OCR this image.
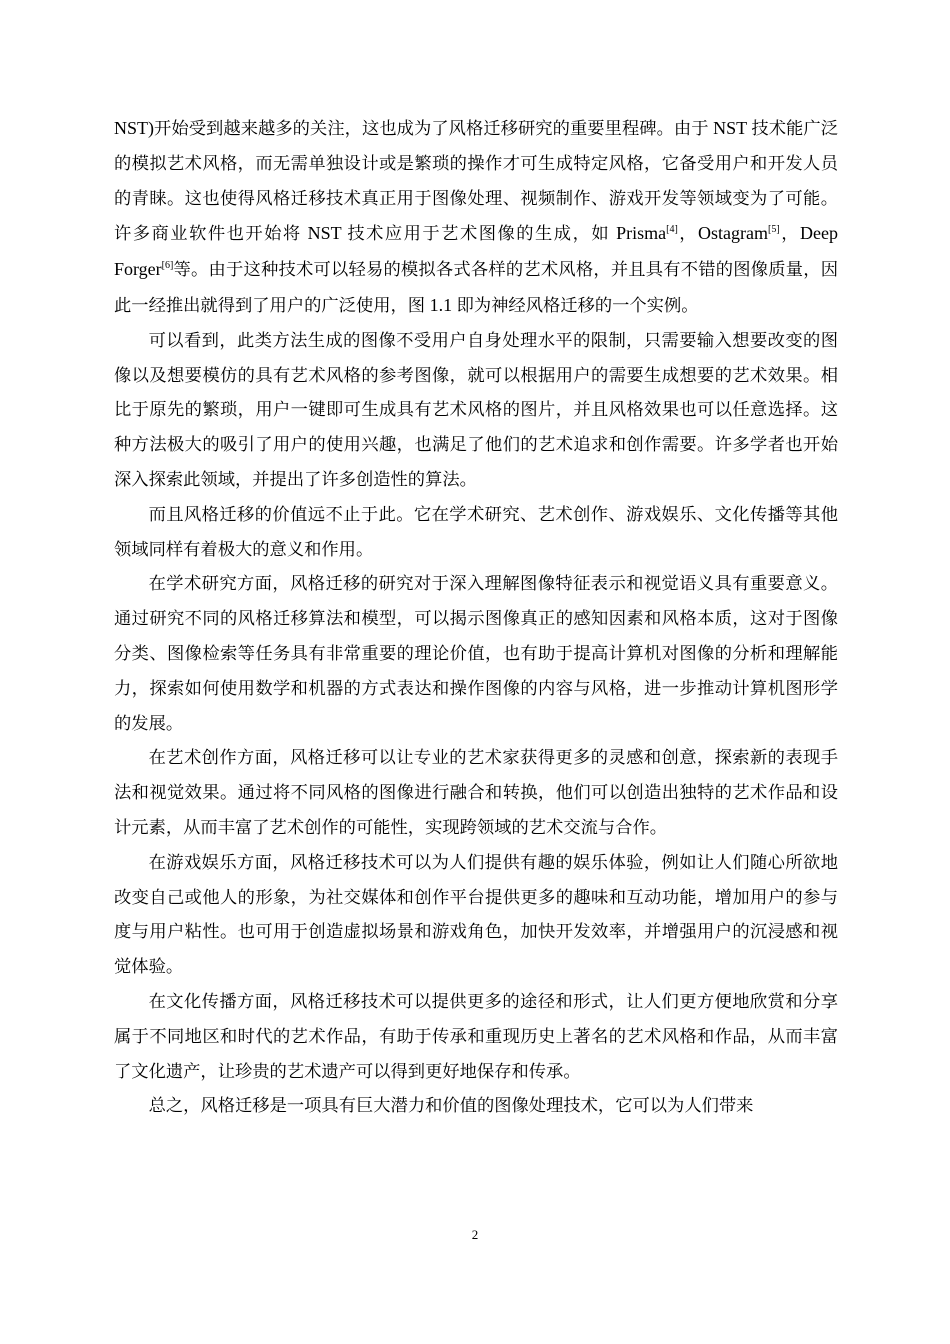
NST)开始受到越来越多的关注，这也成为了风格迁移研究的重要里程碑。由于 NST 技术能广泛的模拟艺术风格，而无需单独设计或是繁琐的操作才可生成特定风格，它备受用户和开发人员的青睐。这也使得风格迁移技术真正用于图像处理、视频制作、游戏开发等领域变为了可能。许多商业软件也开始将 NST 技术应用于艺术图像的生成，如 Prisma[4]，Ostagram[5]，Deep Forger[6]等。由于这种技术可以轻易的模拟各式各样的艺术风格，并且具有不错的图像质量，因此一经推出就得到了用户的广泛使用，图 1.1 即为神经风格迁移的一个实例。

可以看到，此类方法生成的图像不受用户自身处理水平的限制，只需要输入想要改变的图像以及想要模仿的具有艺术风格的参考图像，就可以根据用户的需要生成想要的艺术效果。相比于原先的繁琐，用户一键即可生成具有艺术风格的图片，并且风格效果也可以任意选择。这种方法极大的吸引了用户的使用兴趣，也满足了他们的艺术追求和创作需要。许多学者也开始深入探索此领域，并提出了许多创造性的算法。

而且风格迁移的价值远不止于此。它在学术研究、艺术创作、游戏娱乐、文化传播等其他领域同样有着极大的意义和作用。

在学术研究方面，风格迁移的研究对于深入理解图像特征表示和视觉语义具有重要意义。通过研究不同的风格迁移算法和模型，可以揭示图像真正的感知因素和风格本质，这对于图像分类、图像检索等任务具有非常重要的理论价值，也有助于提高计算机对图像的分析和理解能力，探索如何使用数学和机器的方式表达和操作图像的内容与风格，进一步推动计算机图形学的发展。

在艺术创作方面，风格迁移可以让专业的艺术家获得更多的灵感和创意，探索新的表现手法和视觉效果。通过将不同风格的图像进行融合和转换，他们可以创造出独特的艺术作品和设计元素，从而丰富了艺术创作的可能性，实现跨领域的艺术交流与合作。

在游戏娱乐方面，风格迁移技术可以为人们提供有趣的娱乐体验，例如让人们随心所欲地改变自己或他人的形象，为社交媒体和创作平台提供更多的趣味和互动功能，增加用户的参与度与用户粘性。也可用于创造虚拟场景和游戏角色，加快开发效率，并增强用户的沉浸感和视觉体验。

在文化传播方面，风格迁移技术可以提供更多的途径和形式，让人们更方便地欣赏和分享属于不同地区和时代的艺术作品，有助于传承和重现历史上著名的艺术风格和作品，从而丰富了文化遗产，让珍贵的艺术遗产可以得到更好地保存和传承。

总之，风格迁移是一项具有巨大潜力和价值的图像处理技术，它可以为人们带来

2
